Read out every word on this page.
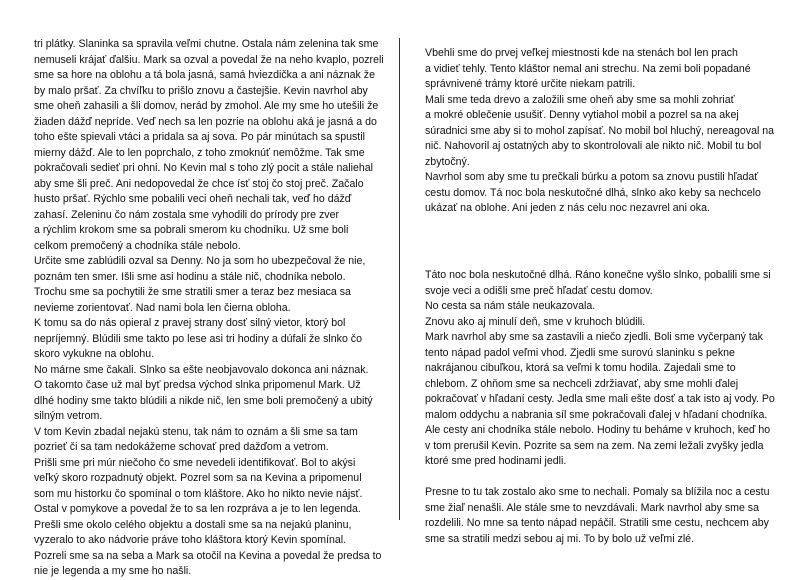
tri plátky. Slaninka sa spravila veľmi chutne. Ostala nám zelenina tak sme
nemuseli krájať ďalšiu. Mark sa ozval a povedal že na neho kvaplo, pozreli
sme sa hore na oblohu a tá bola jasná, samá hviezdička a ani náznak že
by malo pršať. Za chvíľku to prišlo znovu a častejšie. Kevin navrhol aby
sme oheň zahasili a šli domov, nerád by zmohol. Ale my sme ho utešili že
žiaden dážď nepríde. Veď nech sa len pozrie na oblohu aká je jasná a do
toho ešte spievali vtáci a pridala sa aj sova. Po pár minútach sa spustil
mierny dážď. Ale to len poprchalo, z toho zmoknúť nemôžme. Tak sme
pokračovali sedieť pri ohni. No Kevin mal s toho zlý pocit a stále naliehal
aby sme šli preč. Ani nedopovedal že chce ísť stoj čo stoj preč. Začalo
husto pršať. Rýchlo sme pobalili veci oheň nechali tak, veď ho dážď
zahasí. Zeleninu čo nám zostala sme vyhodili do prírody pre zver
a rýchlim krokom sme sa pobrali smerom ku chodníku. Už sme boli
celkom premočený a chodníka stále nebolo.
Určite sme zablúdili ozval sa Denny. No ja som ho ubezpečoval že nie,
poznám ten smer. Išli sme asi hodinu a stále nič, chodníka nebolo.
Trochu sme sa pochytili že sme stratili smer a teraz bez mesiaca sa
nevieme zorientovať. Nad nami bola len čierna obloha.
K tomu sa do nás opieral z pravej strany dosť silný vietor, ktorý bol
nepríjemný. Blúdili sme takto po lese asi tri hodiny a dúfali že slnko čo
skoro vykukne na oblohu.
No márne sme čakali. Slnko sa ešte neobjavovalo dokonca ani náznak.
O takomto čase už mal byť predsa východ slnka pripomenul Mark. Už
dlhé hodiny sme takto blúdili a nikde nič, len sme boli premočený a ubitý
silným vetrom.
V tom Kevin zbadal nejakú stenu, tak nám to oznám a šli sme sa tam
pozrieť či sa tam nedokážeme schovať pred dažďom a vetrom.
Prišli sme pri múr niečoho čo sme nevedeli identifikovať. Bol to akýsi
veľký skoro rozpadnutý objekt. Pozrel som sa na Kevina a pripomenul
som mu historku čo spomínal o tom kláštore. Ako ho nikto nevie nájsť.
Ostal v pomykove a povedal že to sa len rozpráva a je to len legenda.
Prešli sme okolo celého objektu a dostali sme sa na nejakú planinu,
vyzeralo to ako nádvorie práve toho kláštora ktorý Kevin spomínal.
Pozreli sme sa na seba a Mark sa otočil na Kevina a povedal že predsa to
nie je legenda a my sme ho našli.
Vbehli sme do prvej veľkej miestnosti kde na stenách bol len prach
a vidieť tehly. Tento kláštor nemal ani strechu. Na zemi boli popadané
správnivené trámy ktoré určite niekam patrili.
Mali sme teda drevo a založili sme oheň aby sme sa mohli zohriať
a mokré oblečenie usušiť. Denny vytiahol mobil a pozrel sa na akej
súradnici sme aby si to mohol zapísať. No mobil bol hluchý, nereagoval na
nič. Nahovoril aj ostatných aby to skontrolovali ale nikto nič. Mobil tu bol
zbytočný.
Navrhol som aby sme tu prečkali búrku a potom sa znovu pustili hľadať
cestu domov. Tá noc bola neskutočné dlhá, slnko ako keby sa nechcelo
ukázať na oblohe. Ani jeden z nás celu noc nezavrel ani oka.
Táto noc bola neskutočné dlhá. Ráno konečne vyšlo slnko, pobalili sme si
svoje veci a odišli sme preč hľadať cestu domov.
No cesta sa nám stále neukazovala.
Znovu ako aj minulí deň, sme v kruhoch blúdili.
Mark navrhol aby sme sa zastavili a niečo zjedli. Boli sme vyčerpaný tak
tento nápad padol veľmi vhod. Zjedli sme surovú slaninku s pekne
nakrájanou cibuľkou, ktorá sa veľmi k tomu hodila. Zajedali sme to
chlebom. Z ohňom sme sa nechceli zdržiavať, aby sme mohli ďalej
pokračovať v hľadaní cesty. Jedla sme mali ešte dosť a tak isto aj vody. Po
malom oddychu a nabrania síl sme pokračovali ďalej v hľadaní chodníka.
Ale cesty ani chodníka stále nebolo. Hodiny tu beháme v kruhoch, keď ho
v tom prerušil Kevin. Pozrite sa sem na zem. Na zemi ležali zvyšky jedla
ktoré sme pred hodinami jedli.
Presne to tu tak zostalo ako sme to nechali. Pomaly sa blížila noc a cestu
sme žiaľ nenašli. Ale stále sme to nevzdávali. Mark navrhol aby sme sa
rozdelili. No mne sa tento nápad nepáčil. Stratili sme cestu, nechcem aby
sme sa stratili medzi sebou aj mi. To by bolo už veľmi zlé.
